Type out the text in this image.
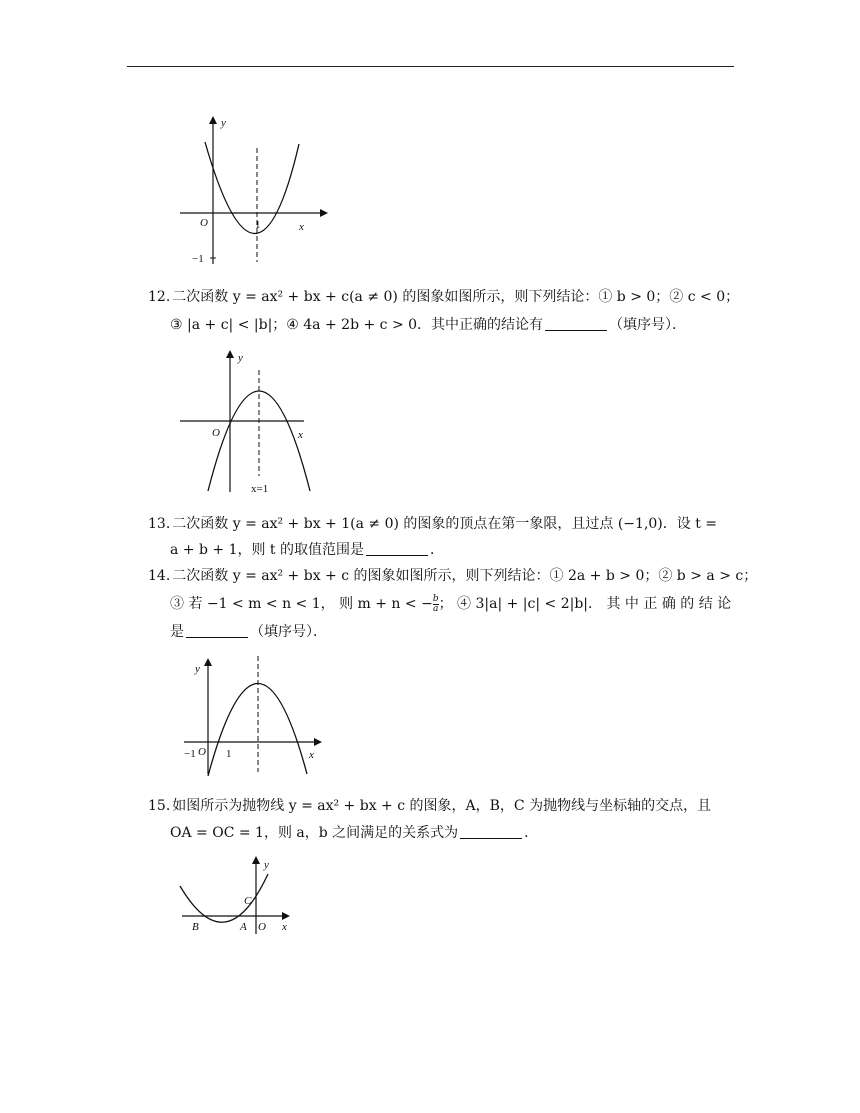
y
x
O	1
−1
12. 二次函数 y = ax² + bx + c(a ≠ 0) 的图象如图所示，则下列结论：① b > 0；② c < 0；
③ |a + c| < |b|；④ 4a + 2b + c > 0．其中正确的结论有	（填序号）．
y
x
O
x=1
13. 二次函数 y = ax² + bx + 1(a ≠ 0) 的图象的顶点在第一象限，且过点 (−1,0)．设 t =
a + b + 1，则 t 的取值范围是	．
14. 二次函数 y = ax² + bx + c 的图象如图所示，则下列结论：① 2a + b > 0；② b > a > c；
③ 若 −1 < m < n < 1， 则 m + n < − $\frac{b}{a}$ ； ④ 3|a| + |c| < 2|b|． 其 中 正 确 的 结 论
是	（填序号）．
y
x
O
−1	1
15. 如图所示为抛物线 y = ax² + bx + c 的图象，A，B，C 为抛物线与坐标轴的交点，且
OA = OC = 1，则 a，b 之间满足的关系式为	．
y
x
O
A
B
C
